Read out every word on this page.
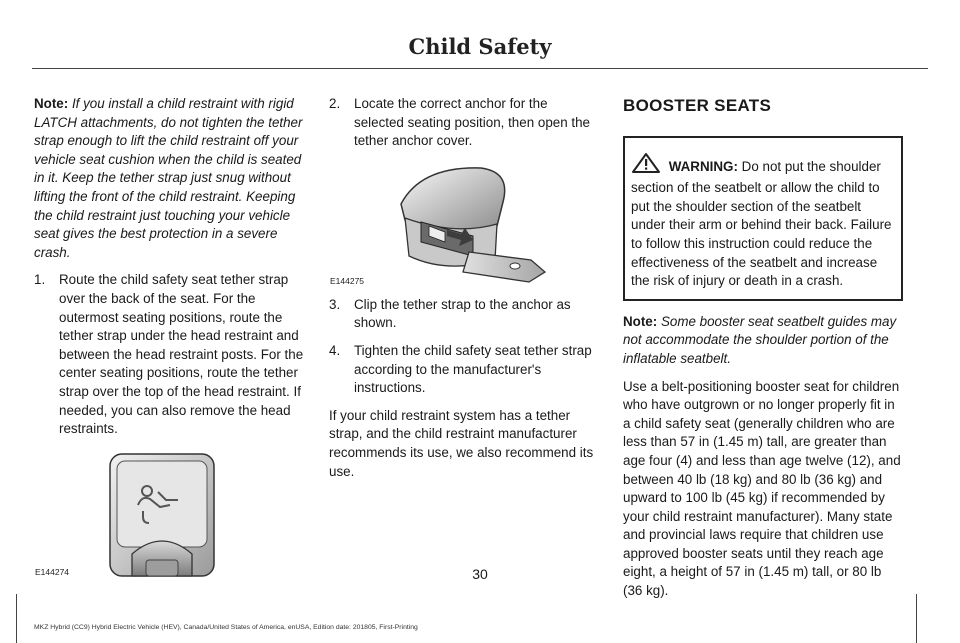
Child Safety

Note: If you install a child restraint with rigid LATCH attachments, do not tighten the tether strap enough to lift the child restraint off your vehicle seat cushion when the child is seated in it. Keep the tether strap just snug without lifting the front of the child restraint. Keeping the child restraint just touching your vehicle seat gives the best protection in a severe crash.

1. Route the child safety seat tether strap over the back of the seat. For the outermost seating positions, route the tether strap under the head restraint and between the head restraint posts. For the center seating positions, route the tether strap over the top of the head restraint. If needed, you can also remove the head restraints.
E144274
2. Locate the correct anchor for the selected seating position, then open the tether anchor cover.
E144275
3. Clip the tether strap to the anchor as shown.
4. Tighten the child safety seat tether strap according to the manufacturer's instructions.

If your child restraint system has a tether strap, and the child restraint manufacturer recommends its use, we also recommend its use.

BOOSTER SEATS
WARNING: Do not put the shoulder section of the seatbelt or allow the child to put the shoulder section of the seatbelt under their arm or behind their back. Failure to follow this instruction could reduce the effectiveness of the seatbelt and increase the risk of injury or death in a crash.

Note: Some booster seat seatbelt guides may not accommodate the shoulder portion of the inflatable seatbelt.

Use a belt-positioning booster seat for children who have outgrown or no longer properly fit in a child safety seat (generally children who are less than 57 in (1.45 m) tall, are greater than age four (4) and less than age twelve (12), and between 40 lb (18 kg) and 80 lb (36 kg) and upward to 100 lb (45 kg) if recommended by your child restraint manufacturer). Many state and provincial laws require that children use approved booster seats until they reach age eight, a height of 57 in (1.45 m) tall, or 80 lb (36 kg).

30
MKZ Hybrid (CC9) Hybrid Electric Vehicle (HEV), Canada/United States of America, enUSA, Edition date: 201805, First-Printing
